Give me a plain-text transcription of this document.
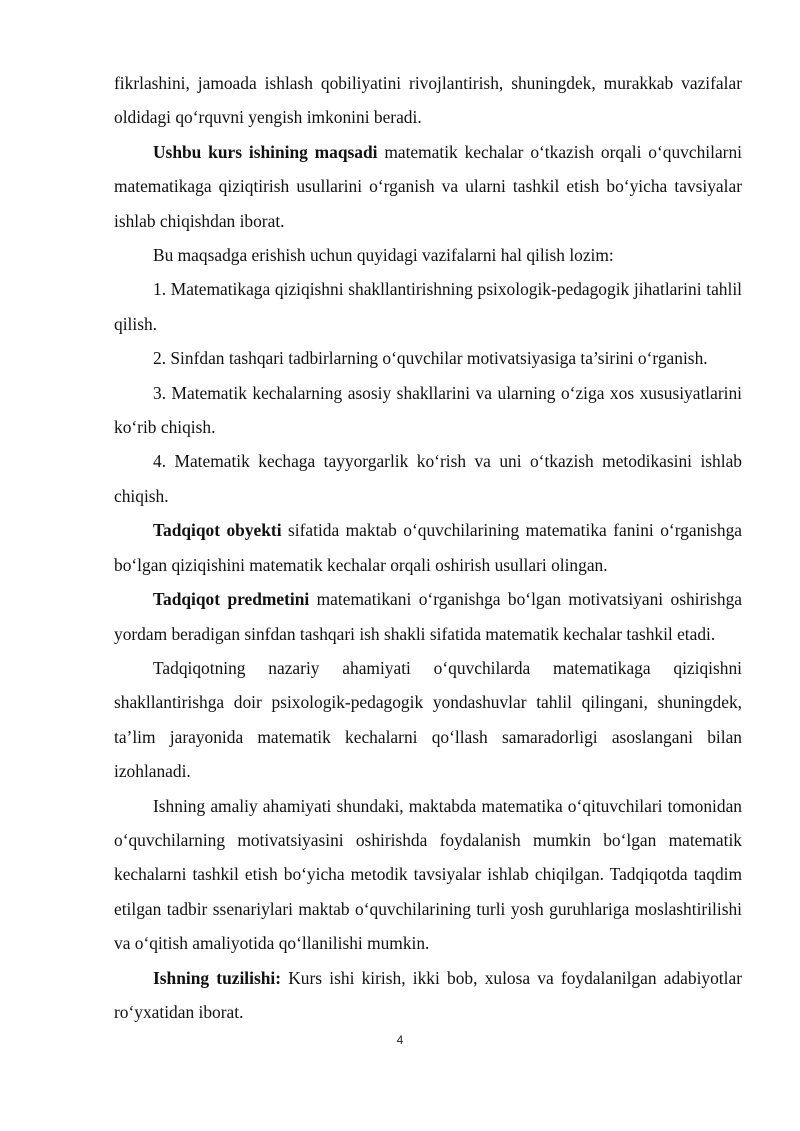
fikrlashini, jamoada ishlash qobiliyatini rivojlantirish, shuningdek, murakkab vazifalar oldidagi qo‘rquvni yengish imkonini beradi.

Ushbu kurs ishining maqsadi matematik kechalar o‘tkazish orqali o‘quvchilarni matematikaga qiziqtirish usullarini o‘rganish va ularni tashkil etish bo‘yicha tavsiyalar ishlab chiqishdan iborat.

Bu maqsadga erishish uchun quyidagi vazifalarni hal qilish lozim:

1. Matematikaga qiziqishni shakllantirishning psixologik-pedagogik jihatlarini tahlil qilish.

2. Sinfdan tashqari tadbirlarning o‘quvchilar motivatsiyasiga ta’sirini o‘rganish.

3. Matematik kechalarning asosiy shakllarini va ularning o‘ziga xos xususiyatlarini ko‘rib chiqish.

4. Matematik kechaga tayyorgarlik ko‘rish va uni o‘tkazish metodikasini ishlab chiqish.

Tadqiqot obyekti sifatida maktab o‘quvchilarining matematika fanini o‘rganishga bo‘lgan qiziqishini matematik kechalar orqali oshirish usullari olingan.

Tadqiqot predmetini matematikani o‘rganishga bo‘lgan motivatsiyani oshirishga yordam beradigan sinfdan tashqari ish shakli sifatida matematik kechalar tashkil etadi.

Tadqiqotning nazariy ahamiyati o‘quvchilarda matematikaga qiziqishni shakllantirishga doir psixologik-pedagogik yondashuvlar tahlil qilingani, shuningdek, ta’lim jarayonida matematik kechalarni qo‘llash samaradorligi asoslangani bilan izohlanadi.

Ishning amaliy ahamiyati shundaki, maktabda matematika o‘qituvchilari tomonidan o‘quvchilarning motivatsiyasini oshirishda foydalanish mumkin bo‘lgan matematik kechalarni tashkil etish bo‘yicha metodik tavsiyalar ishlab chiqilgan. Tadqiqotda taqdim etilgan tadbir ssenariylari maktab o‘quvchilarining turli yosh guruhlariga moslashtirilishi va o‘qitish amaliyotida qo‘llanilishi mumkin.

Ishning tuzilishi: Kurs ishi kirish, ikki bob, xulosa va foydalanilgan adabiyotlar ro‘yxatidan iborat.

4
